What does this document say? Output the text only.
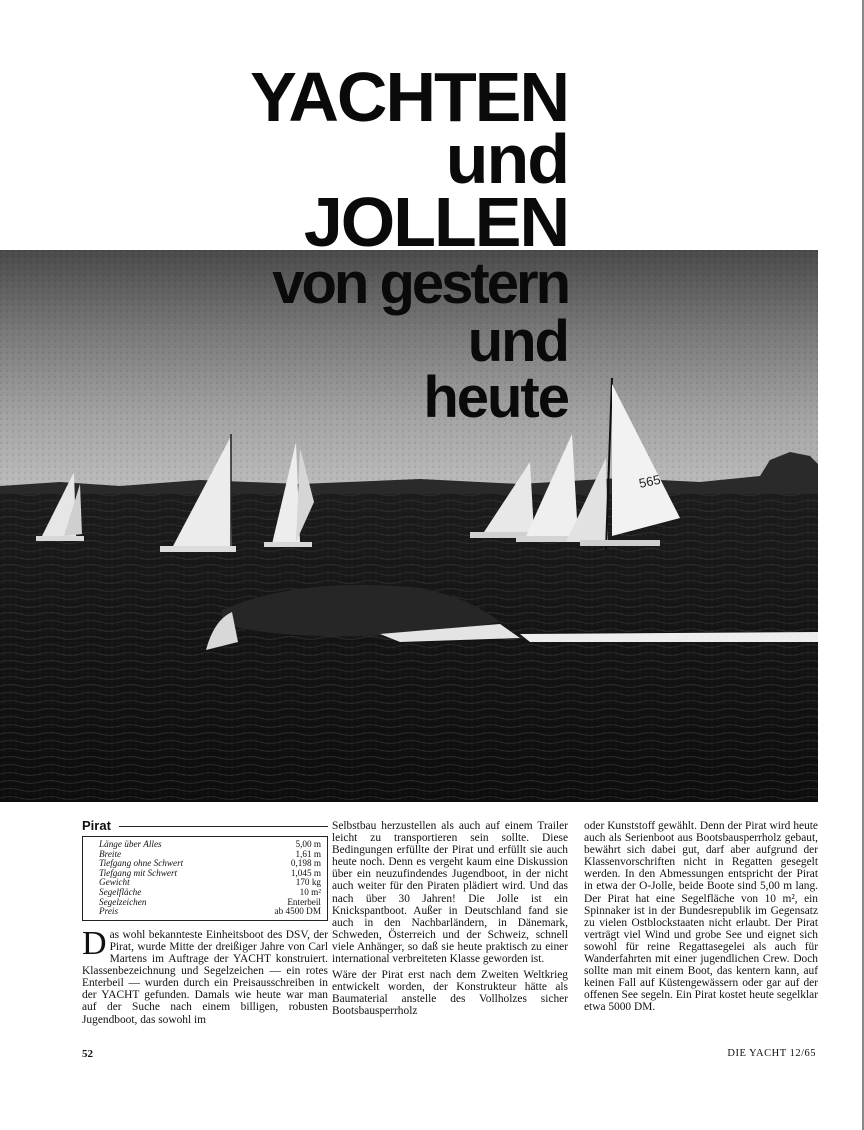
565
YACHTEN
und
JOLLEN
von gestern
und
heute
Pirat
Länge über Alles	5,00 m
Breite	1,61 m
Tiefgang ohne Schwert	0,198 m
Tiefgang mit Schwert	1,045 m
Gewicht	170 kg
Segelfläche	10 m²
Segelzeichen	Enterbeil
Preis	ab 4500 DM

Das wohl bekannteste Einheitsboot des DSV, der Pirat, wurde Mitte der dreißiger Jahre von Carl Martens im Auftrage der YACHT konstruiert. Klassenbezeichnung und Segelzeichen — ein rotes Enterbeil — wurden durch ein Preisausschreiben in der YACHT gefunden. Damals wie heute war man auf der Suche nach einem billigen, robusten Jugendboot, das sowohl im

Selbstbau herzustellen als auch auf einem Trailer leicht zu transportieren sein sollte. Diese Bedingungen erfüllte der Pirat und erfüllt sie auch heute noch. Denn es vergeht kaum eine Diskussion über ein neuzufindendes Jugendboot, in der nicht auch weiter für den Piraten plädiert wird. Und das nach über 30 Jahren! Die Jolle ist ein Knickspantboot. Außer in Deutschland fand sie auch in den Nachbarländern, in Dänemark, Schweden, Österreich und der Schweiz, schnell viele Anhänger, so daß sie heute praktisch zu einer international verbreiteten Klasse geworden ist.

Wäre der Pirat erst nach dem Zweiten Weltkrieg entwickelt worden, der Konstrukteur hätte als Baumaterial anstelle des Vollholzes sicher Bootsbausperrholz

oder Kunststoff gewählt. Denn der Pirat wird heute auch als Serienboot aus Bootsbausperrholz gebaut, bewährt sich dabei gut, darf aber aufgrund der Klassenvorschriften nicht in Regatten gesegelt werden. In den Abmessungen entspricht der Pirat in etwa der O-Jolle, beide Boote sind 5,00 m lang. Der Pirat hat eine Segelfläche von 10 m², ein Spinnaker ist in der Bundesrepublik im Gegensatz zu vielen Ostblockstaaten nicht erlaubt. Der Pirat verträgt viel Wind und grobe See und eignet sich sowohl für reine Regattasegelei als auch für Wanderfahrten mit einer jugendlichen Crew. Doch sollte man mit einem Boot, das kentern kann, auf keinen Fall auf Küstengewässern oder gar auf der offenen See segeln. Ein Pirat kostet heute segelklar etwa 5000 DM.

52	DIE YACHT 12/65
